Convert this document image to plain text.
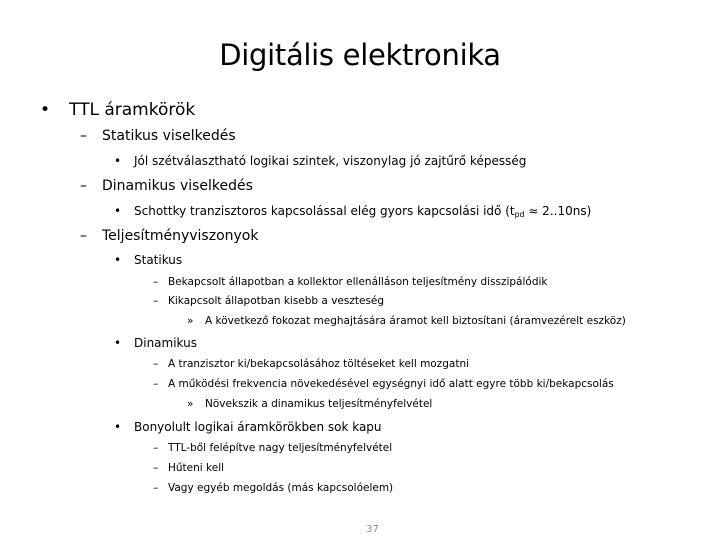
Digitális elektronika
• TTL áramkörök
– Statikus viselkedés
• Jól szétválasztható logikai szintek, viszonylag jó zajtűrő képesség
– Dinamikus viselkedés
• Schottky tranzisztoros kapcsolással elég gyors kapcsolási idő $(t_{pd} \approx 2..10ns)$
– Teljesítményviszonyok
• Statikus
– Bekapcsolt állapotban a kollektor ellenálláson teljesítmény disszipálódik
– Kikapcsolt állapotban kisebb a veszteség
» A következő fokozat meghajtására áramot kell biztosítani (áramvezérelt eszköz)
• Dinamikus
– A tranzisztor ki/bekapcsolásához töltéseket kell mozgatni
– A működési frekvencia növekedésével egységnyi idő alatt egyre több ki/bekapcsolás
» Növekszik a dinamikus teljesítményfelvétel
• Bonyolult logikai áramkörökben sok kapu
– TTL-ből felépítve nagy teljesítményfelvétel
– Hűteni kell
– Vagy egyéb megoldás (más kapcsolóelem)
37
